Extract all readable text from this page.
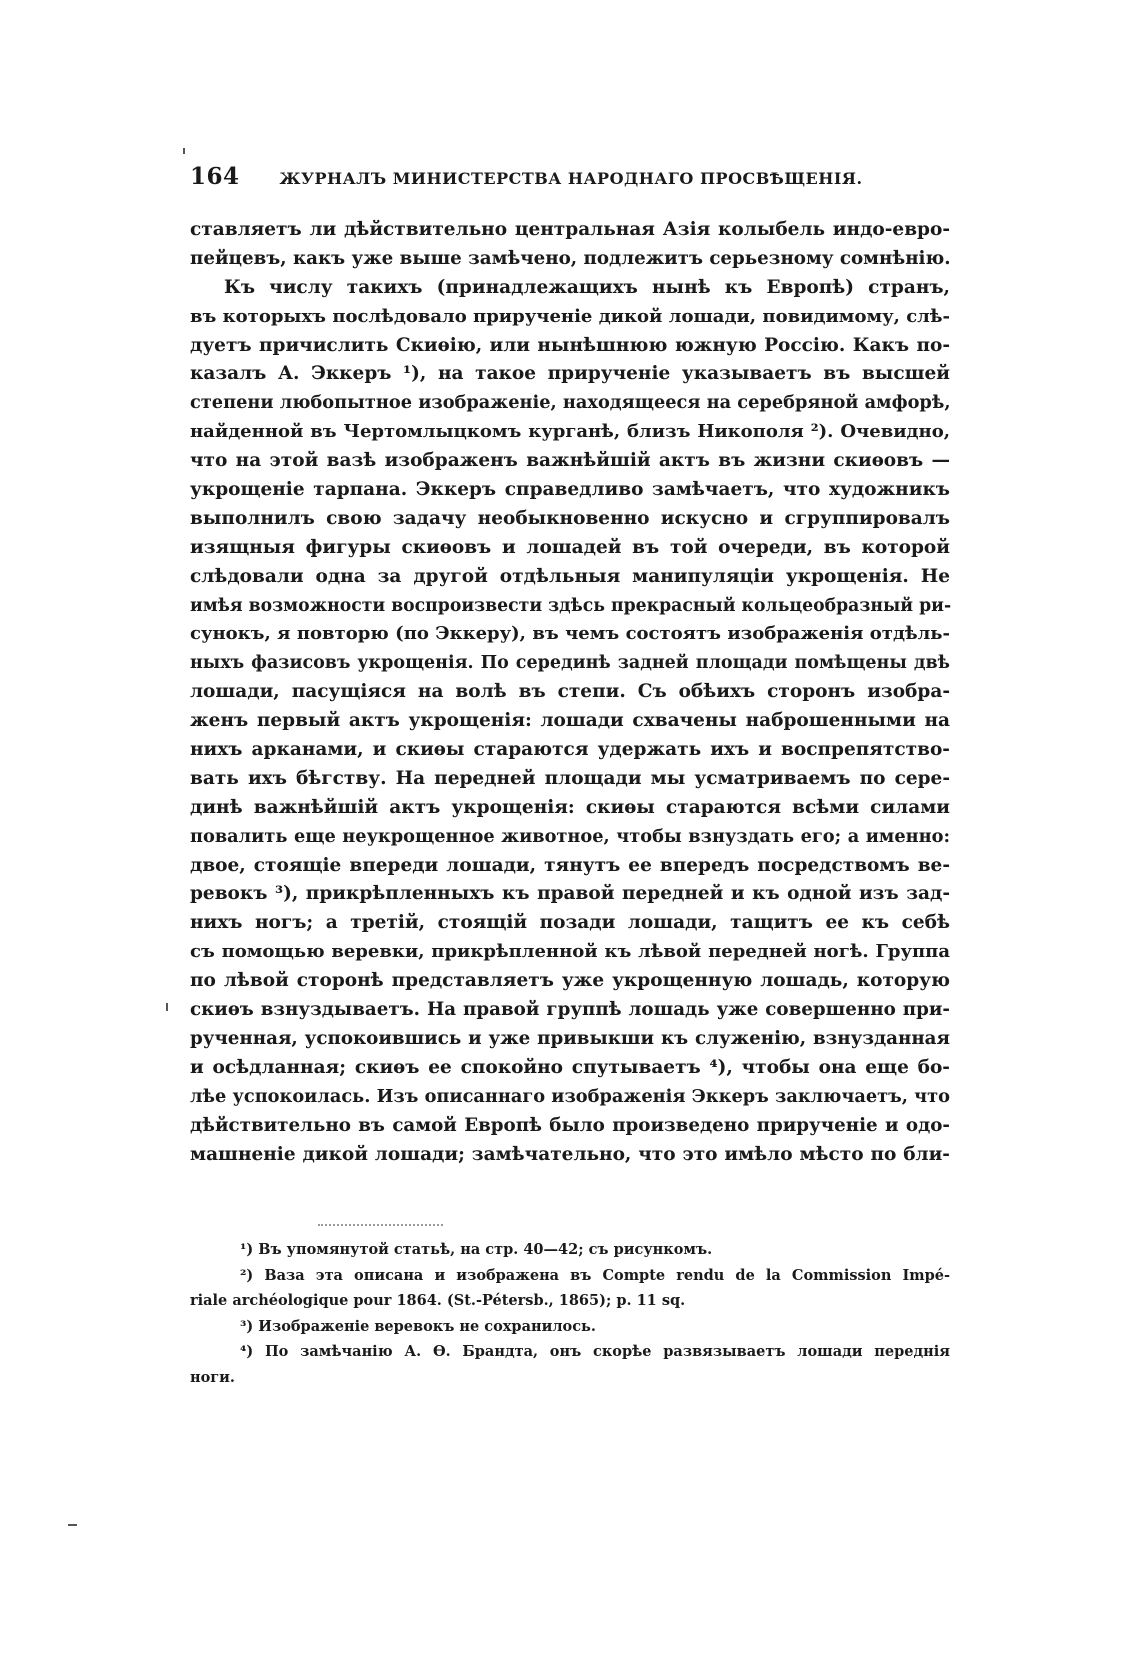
164	ЖУРНАЛЪ МИНИСТЕРСТВА НАРОДНАГО ПРОСВѢЩЕНІЯ.
ставляетъ ли дѣйствительно центральная Азія колыбель индо-евро-
пейцевъ, какъ уже выше замѣчено, подлежитъ серьезному сомнѣнію.
Къ числу такихъ (принадлежащихъ нынѣ къ Европѣ) странъ,
въ которыхъ послѣдовало прирученіе дикой лошади, повидимому, слѣ-
дуетъ причислить Скиѳію, или нынѣшнюю южную Россію. Какъ по-
казалъ А. Эккеръ ¹), на такое прирученіе указываетъ въ высшей
степени любопытное изображеніе, находящееся на серебряной амфорѣ,
найденной въ Чертомлыцкомъ курганѣ, близъ Никополя ²). Очевидно,
что на этой вазѣ изображенъ важнѣйшій актъ въ жизни скиѳовъ —
укрощеніе тарпана. Эккеръ справедливо замѣчаетъ, что художникъ
выполнилъ свою задачу необыкновенно искусно и сгруппировалъ
изящныя фигуры скиѳовъ и лошадей въ той очереди, въ которой
слѣдовали одна за другой отдѣльныя манипуляціи укрощенія. Не
имѣя возможности воспроизвести здѣсь прекрасный кольцеобразный ри-
сунокъ, я повторю (по Эккеру), въ чемъ состоятъ изображенія отдѣль-
ныхъ фазисовъ укрощенія. По серединѣ задней площади помѣщены двѣ
лошади, пасущіяся на волѣ въ степи. Съ обѣихъ сторонъ изобра-
женъ первый актъ укрощенія: лошади схвачены наброшенными на
нихъ арканами, и скиѳы стараются удержать ихъ и воспрепятство-
вать ихъ бѣгству. На передней площади мы усматриваемъ по сере-
динѣ важнѣйшій актъ укрощенія: скиѳы стараются всѣми силами
повалить еще неукрощенное животное, чтобы взнуздать его; а именно:
двое, стоящіе впереди лошади, тянутъ ее впередъ посредствомъ ве-
ревокъ ³), прикрѣпленныхъ къ правой передней и къ одной изъ зад-
нихъ ногъ; а третій, стоящій позади лошади, тащитъ ее къ себѣ
съ помощью веревки, прикрѣпленной къ лѣвой передней ногѣ. Группа
по лѣвой сторонѣ представляетъ уже укрощенную лошадь, которую
скиѳъ взнуздываетъ. На правой группѣ лошадь уже совершенно при-
рученная, успокоившись и уже привыкши къ служенію, взнузданная
и осѣдланная; скиѳъ ее спокойно спутываетъ ⁴), чтобы она еще бо-
лѣе успокоилась. Изъ описаннаго изображенія Эккеръ заключаетъ, что
дѣйствительно въ самой Европѣ было произведено прирученіе и одо-
машненіе дикой лошади; замѣчательно, что это имѣло мѣсто по бли-
¹) Въ упомянутой статьѣ, на стр. 40—42; съ рисункомъ.
²) Ваза эта описана и изображена въ Compte rendu de la Commission Impé-
riale archéologique pour 1864. (St.-Pétersb., 1865); p. 11 sq.
³) Изображеніе веревокъ не сохранилось.
⁴) По замѣчанію А. Ѳ. Брандта, онъ скорѣе развязываетъ лошади переднія
ноги.
